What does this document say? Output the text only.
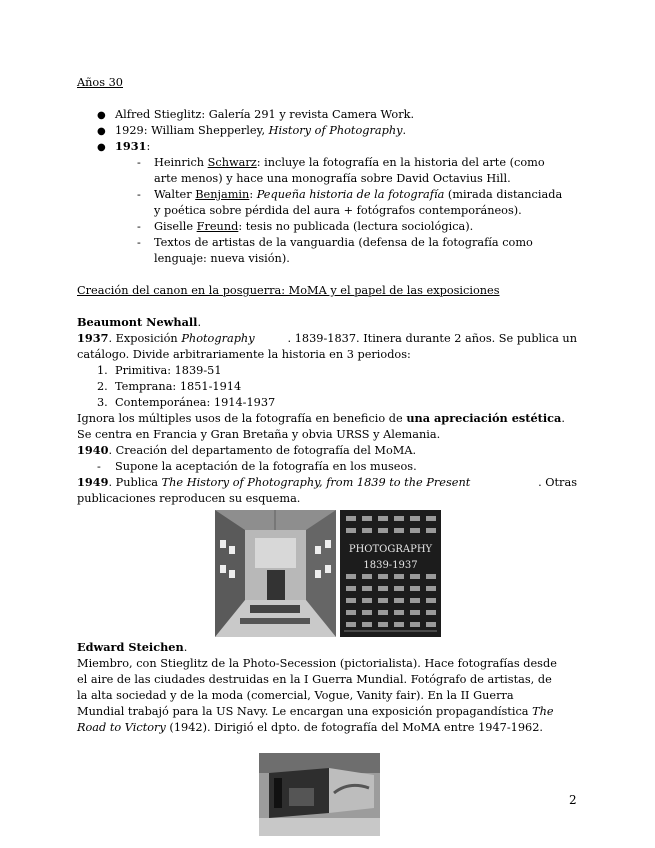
Años 30
● Alfred Stieglitz: Galería 291 y revista Camera Work.
● 1929: William Shepperley, History of Photography.
● 1931:
- Heinrich Schwarz: incluye la fotografía en la historia del arte (como
arte menos) y hace una monografía sobre David Octavius Hill.
- Walter Benjamin: Pequeña historia de la fotografía (mirada distanciada
y poética sobre pérdida del aura + fotógrafos contemporáneos).
- Giselle Freund: tesis no publicada (lectura sociológica).
- Textos de artistas de la vanguardia (defensa de la fotografía como
lenguaje: nueva visión).
Creación del canon en la posguerra: MoMA y el papel de las exposiciones
Beaumont Newhall.
1937. Exposición Photography	. 1839-1837. Itinera durante 2 años. Se publica un
catálogo. Divide arbitrariamente la historia en 3 periodos:
1. Primitiva: 1839-51
2. Temprana: 1851-1914
3. Contemporánea: 1914-1937
Ignora los múltiples usos de la fotografía en beneficio de una apreciación estética.
Se centra en Francia y Gran Bretaña y obvia URSS y Alemania.
1940. Creación del departamento de fotografía del MoMA.
- Supone la aceptación de la fotografía en los museos.
1949. Publica The History of Photography, from 1839 to the Present	. Otras
publicaciones reproducen su esquema.
PHOTOGRAPHY
1839-1937
Edward Steichen.
Miembro, con Stieglitz de la Photo-Secession (pictorialista). Hace fotografías desde
el aire de las ciudades destruidas en la I Guerra Mundial. Fotógrafo de artistas, de
la alta sociedad y de la moda (comercial, Vogue, Vanity fair). En la II Guerra
Mundial trabajó para la US Navy. Le encargan una exposición propagandística The
Road to Victory (1942). Dirigió el dpto. de fotografía del MoMA entre 1947-1962.
2
